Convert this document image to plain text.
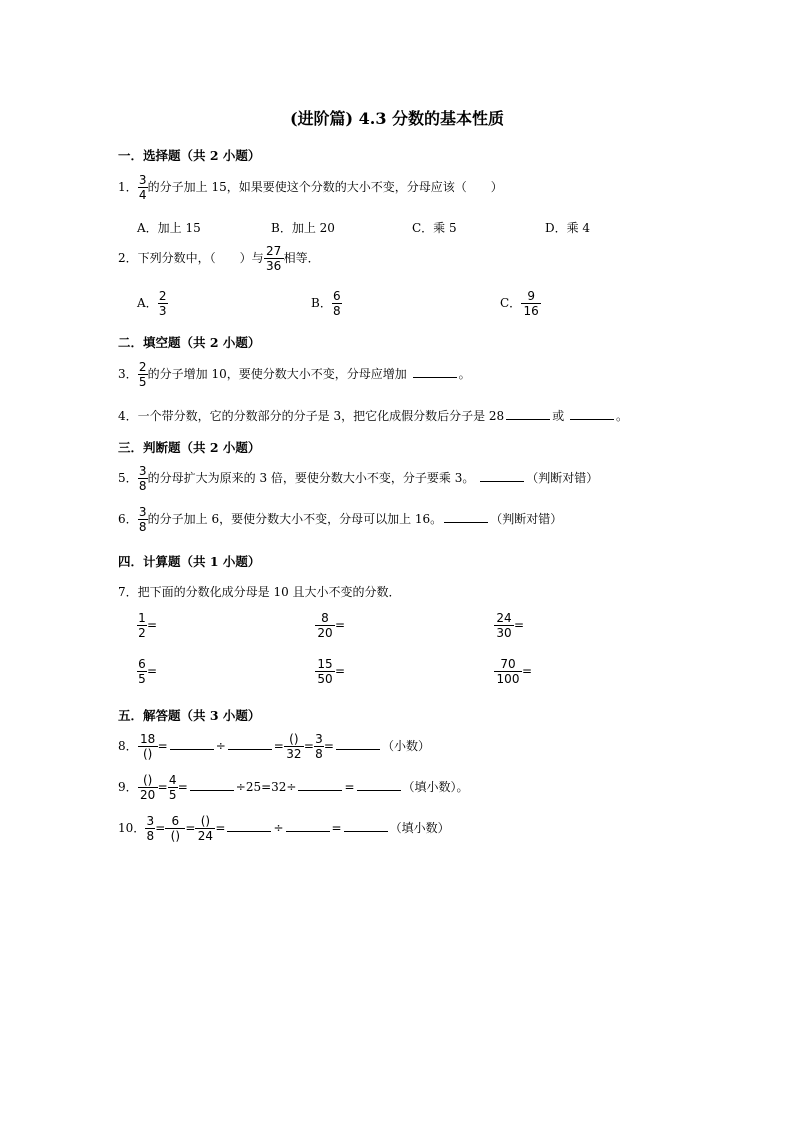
(进阶篇) 4.3 分数的基本性质
一．选择题（共 2 小题）
1． $\frac{3}{4}$ 的分子加上 15，如果要使这个分数的大小不变，分母应该（　　）
A．加上 15	B．加上 20	C．乘 5	D．乘 4
2．下列分数中，（　　）与 $\frac{27}{36}$ 相等．
A． $\frac{2}{3}$	B． $\frac{6}{8}$	C． $\frac{9}{16}$
二．填空题（共 2 小题）
3． $\frac{2}{5}$ 的分子增加 10，要使分数大小不变，分母应增加	。
4．一个带分数，它的分数部分的分子是 3，把它化成假分数后分子是 28	或	。
三．判断题（共 2 小题）
5． $\frac{3}{8}$ 的分母扩大为原来的 3 倍，要使分数大小不变，分子要乘 3。	（判断对错）
6． $\frac{3}{8}$ 的分子加上 6，要使分数大小不变，分母可以加上 16。	（判断对错）
四．计算题（共 1 小题）
7．把下面的分数化成分母是 10 且大小不变的分数．
$\frac{1}{2}$ =	$\frac{8}{20}$ =	$\frac{24}{30}$ =
$\frac{6}{5}$ =	$\frac{15}{50}$ =	$\frac{70}{100}$ =
五．解答题（共 3 小题）
8． $\frac{18}{()}$ =	÷	= $\frac{()}{32} = \frac{3}{8}$ =	（小数）
9． $\frac{()}{20} = \frac{4}{5}$ =	÷25=32÷	=	（填小数）。
10． $\frac{3}{8} = \frac{6}{()} = \frac{()}{24}$ =	÷	=	（填小数）
